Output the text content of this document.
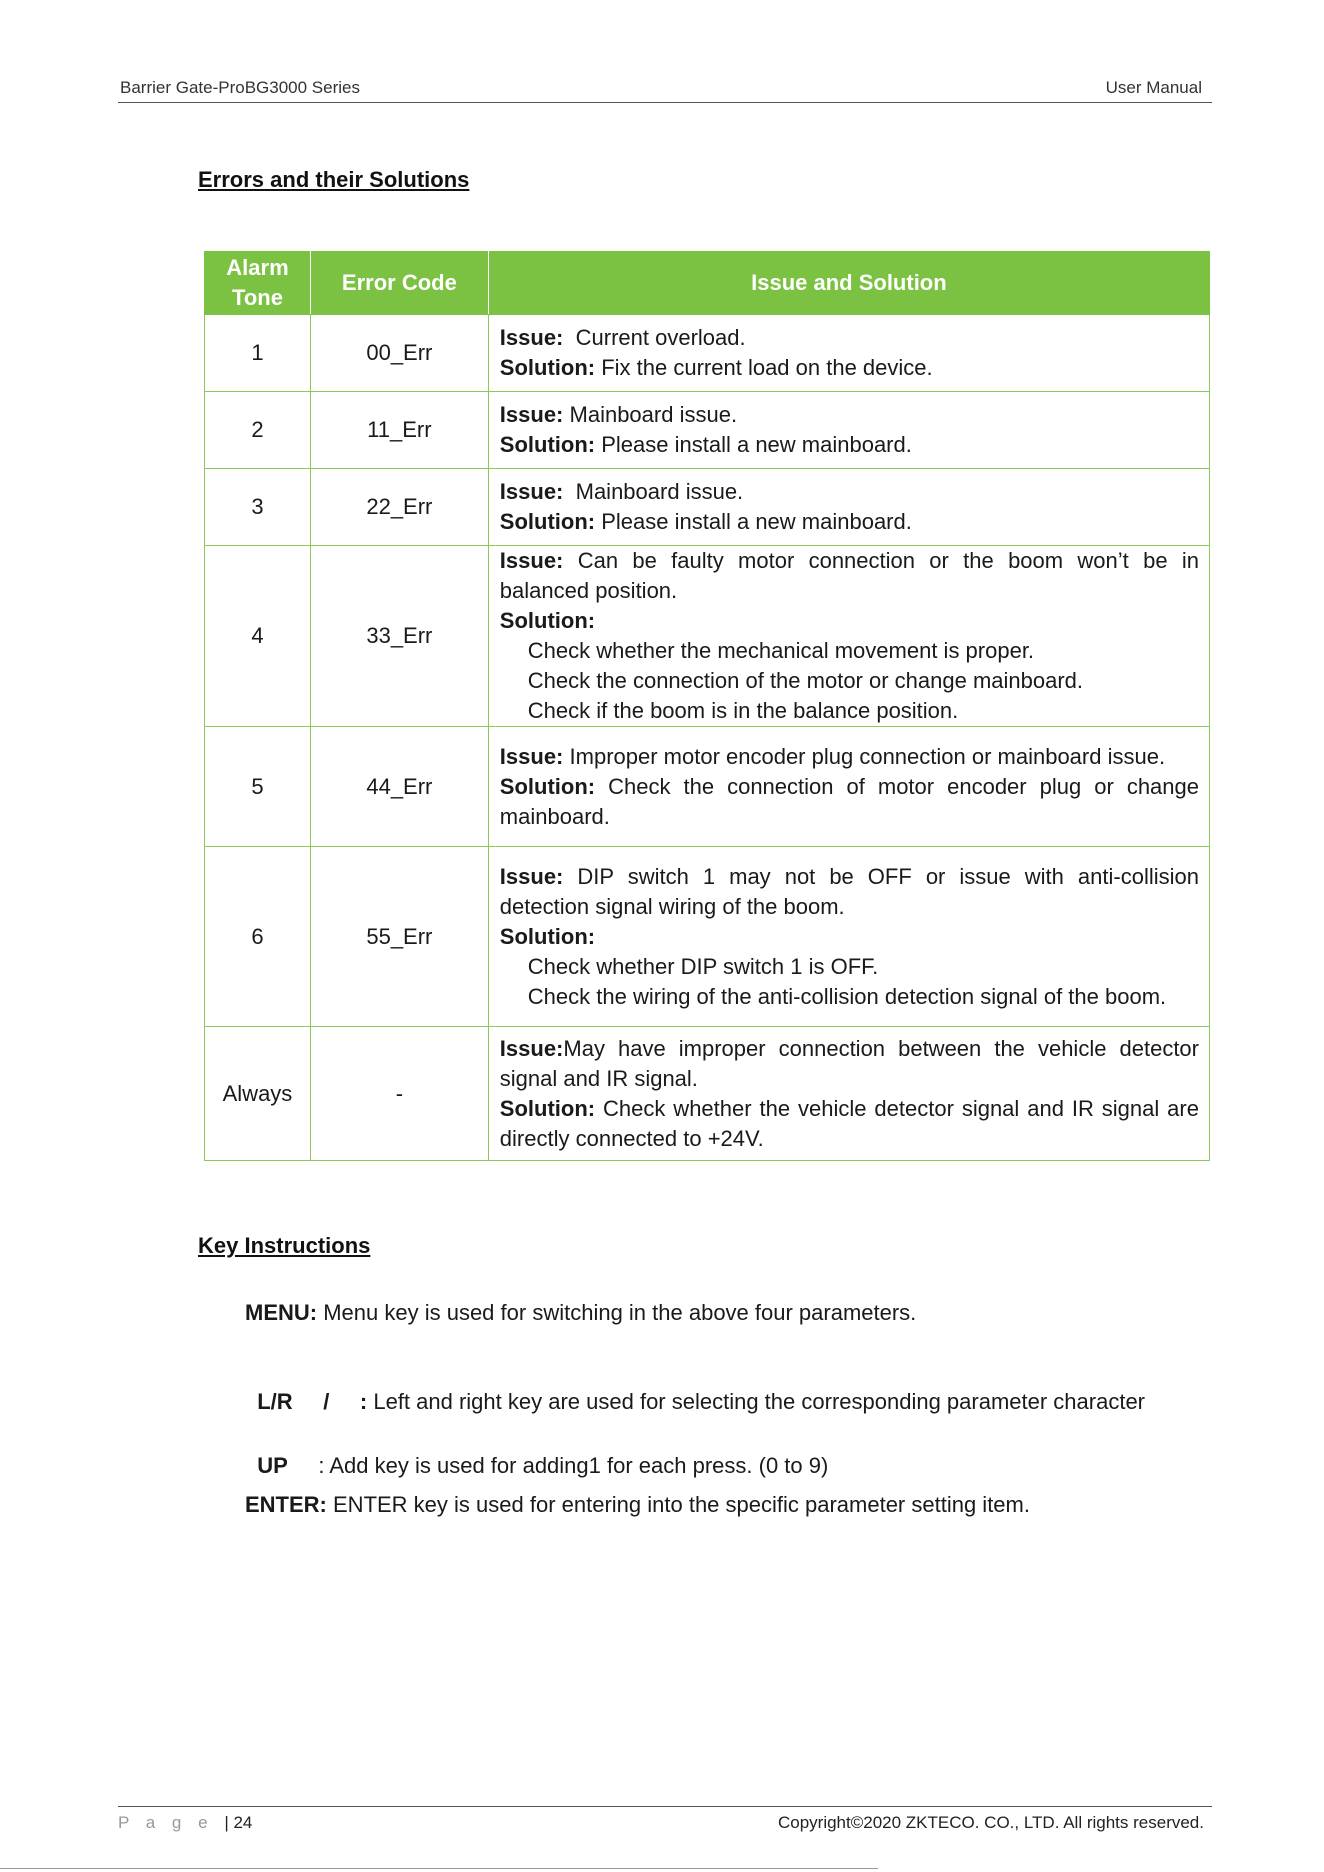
Barrier Gate-ProBG3000 Series	User Manual
Errors and their Solutions
Alarm
Tone	Error Code	Issue and Solution
1	00_Err	Issue: Current overload.
Solution: Fix the current load on the device.

2	11_Err	Issue: Mainboard issue.
Solution: Please install a new mainboard.

3	22_Err	Issue: Mainboard issue.
Solution: Please install a new mainboard.

4	33_Err	Issue: Can be faulty motor connection or the boom won’t be in balanced position.
Solution:
Check whether the mechanical movement is proper.
Check the connection of the motor or change mainboard.
Check if the boom is in the balance position.

5	44_Err	Issue: Improper motor encoder plug connection or mainboard issue.
Solution: Check the connection of motor encoder plug or change mainboard.

6	55_Err	Issue: DIP switch 1 may not be OFF or issue with anti-collision detection signal wiring of the boom.
Solution:
Check whether DIP switch 1 is OFF.
Check the wiring of the anti-collision detection signal of the boom.

Always	-	Issue:May have improper connection between the vehicle detector signal and IR signal.
Solution: Check whether the vehicle detector signal and IR signal are directly connected to +24V.
Key Instructions
MENU: Menu key is used for switching in the above four parameters.

L/R     /     : Left and right key are used for selecting the corresponding parameter character

UP     : Add key is used for adding1 for each press. (0 to 9)

ENTER: ENTER key is used for entering into the specific parameter setting item.
P a g e | 24	Copyright©2020 ZKTECO. CO., LTD. All rights reserved.
